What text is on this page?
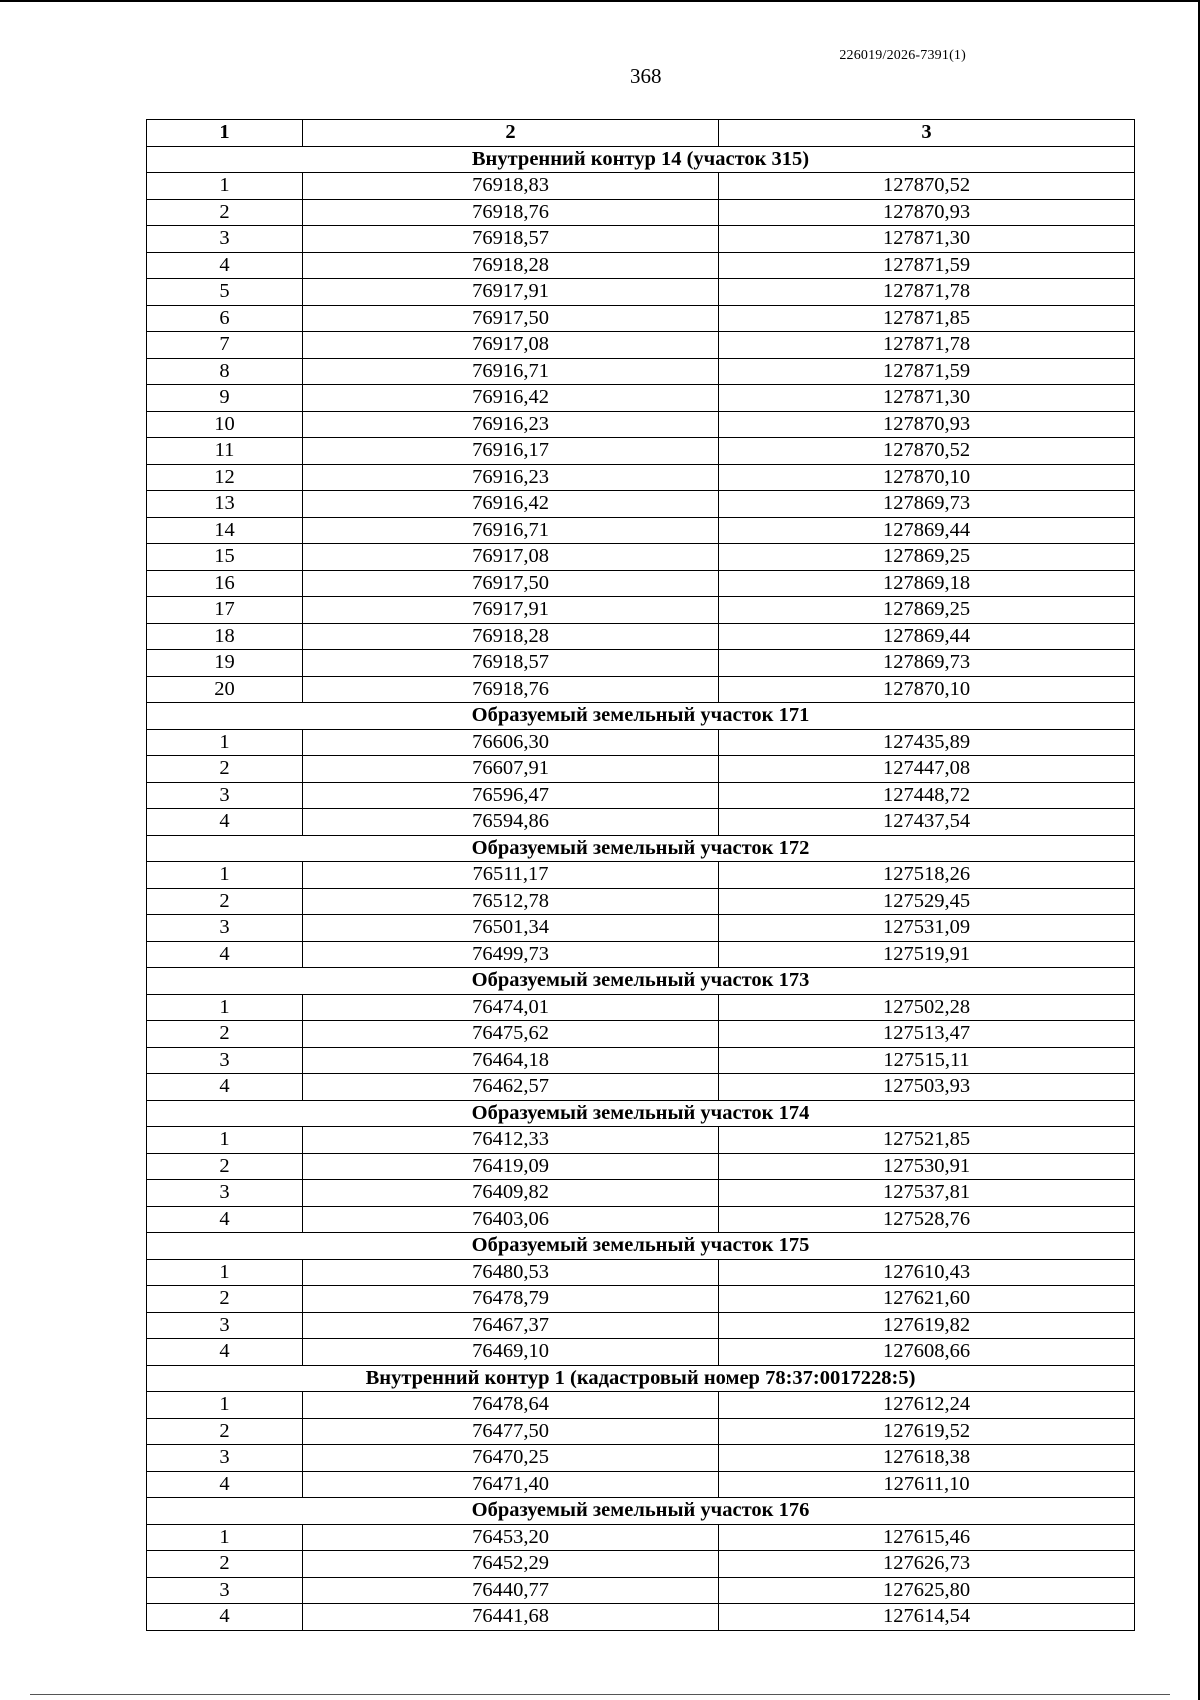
226019/2026-7391(1)
368
1	2	3
Внутренний контур 14 (участок 315)		
1	76918,83	127870,52
2	76918,76	127870,93
3	76918,57	127871,30
4	76918,28	127871,59
5	76917,91	127871,78
6	76917,50	127871,85
7	76917,08	127871,78
8	76916,71	127871,59
9	76916,42	127871,30
10	76916,23	127870,93
11	76916,17	127870,52
12	76916,23	127870,10
13	76916,42	127869,73
14	76916,71	127869,44
15	76917,08	127869,25
16	76917,50	127869,18
17	76917,91	127869,25
18	76918,28	127869,44
19	76918,57	127869,73
20	76918,76	127870,10
Образуемый земельный участок 171		
1	76606,30	127435,89
2	76607,91	127447,08
3	76596,47	127448,72
4	76594,86	127437,54
Образуемый земельный участок 172		
1	76511,17	127518,26
2	76512,78	127529,45
3	76501,34	127531,09
4	76499,73	127519,91
Образуемый земельный участок 173		
1	76474,01	127502,28
2	76475,62	127513,47
3	76464,18	127515,11
4	76462,57	127503,93
Образуемый земельный участок 174		
1	76412,33	127521,85
2	76419,09	127530,91
3	76409,82	127537,81
4	76403,06	127528,76
Образуемый земельный участок 175		
1	76480,53	127610,43
2	76478,79	127621,60
3	76467,37	127619,82
4	76469,10	127608,66
Внутренний контур 1 (кадастровый номер 78:37:0017228:5)		
1	76478,64	127612,24
2	76477,50	127619,52
3	76470,25	127618,38
4	76471,40	127611,10
Образуемый земельный участок 176		
1	76453,20	127615,46
2	76452,29	127626,73
3	76440,77	127625,80
4	76441,68	127614,54
